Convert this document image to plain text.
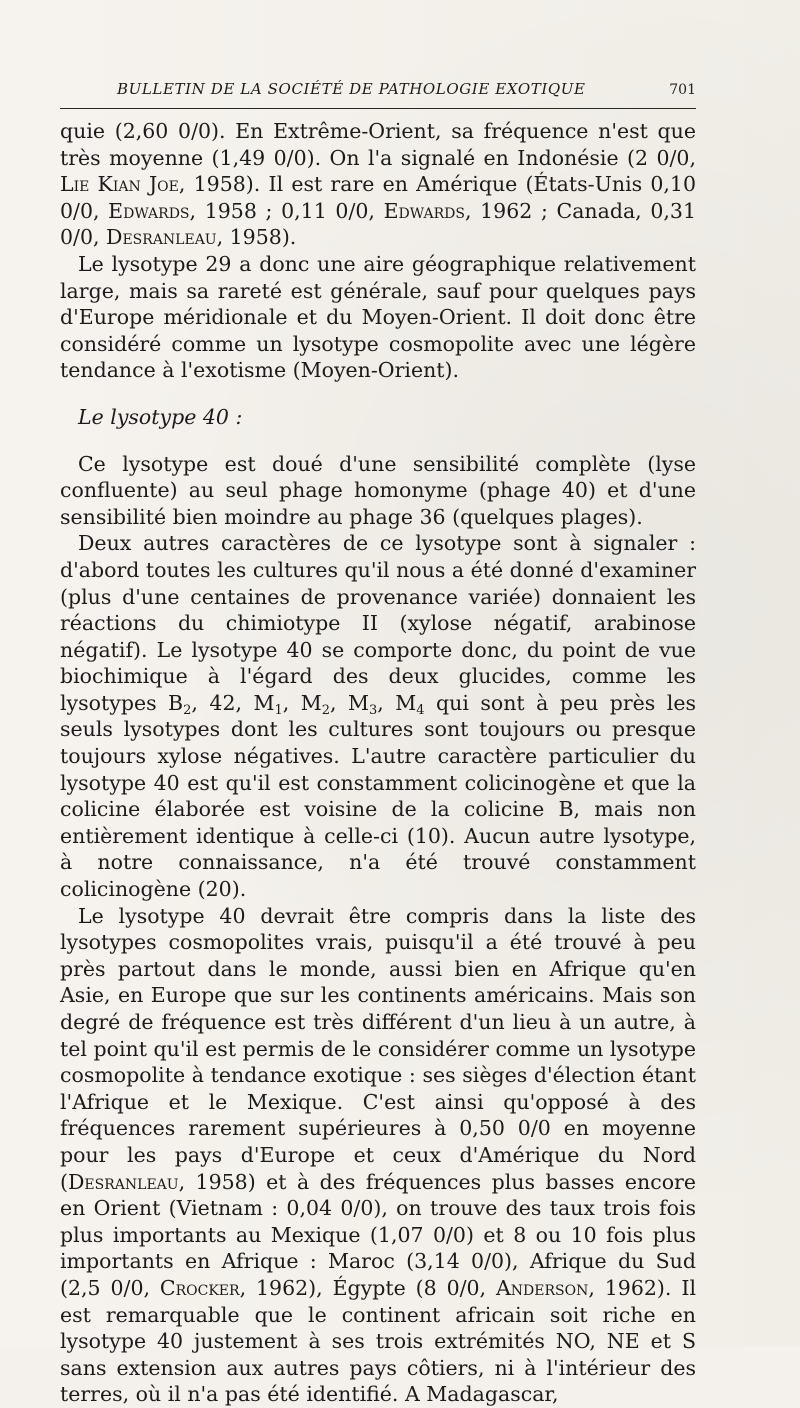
BULLETIN DE LA SOCIÉTÉ DE PATHOLOGIE EXOTIQUE	701

quie (2,60 0/0). En Extrême-Orient, sa fréquence n'est que très moyenne (1,49 0/0). On l'a signalé en Indonésie (2 0/0, Lie Kian Joe, 1958). Il est rare en Amérique (États-Unis 0,10 0/0, Edwards, 1958 ; 0,11 0/0, Edwards, 1962 ; Canada, 0,31 0/0, Desranleau, 1958).

Le lysotype 29 a donc une aire géographique relativement large, mais sa rareté est générale, sauf pour quelques pays d'Europe méridionale et du Moyen-Orient. Il doit donc être considéré comme un lysotype cosmopolite avec une légère tendance à l'exotisme (Moyen-Orient).

Le lysotype 40 :

Ce lysotype est doué d'une sensibilité complète (lyse confluente) au seul phage homonyme (phage 40) et d'une sensibilité bien moindre au phage 36 (quelques plages).

Deux autres caractères de ce lysotype sont à signaler : d'abord toutes les cultures qu'il nous a été donné d'examiner (plus d'une centaines de provenance variée) donnaient les réactions du chimiotype II (xylose négatif, arabinose négatif). Le lysotype 40 se comporte donc, du point de vue biochimique à l'égard des deux glucides, comme les lysotypes $B_2$, 42, $M_1$, $M_2$, $M_3$, $M_4$ qui sont à peu près les seuls lysotypes dont les cultures sont toujours ou presque toujours xylose négatives. L'autre caractère particulier du lysotype 40 est qu'il est constamment colicinogène et que la colicine élaborée est voisine de la colicine B, mais non entièrement identique à celle-ci (10). Aucun autre lysotype, à notre connaissance, n'a été trouvé constamment colicinogène (20).

Le lysotype 40 devrait être compris dans la liste des lysotypes cosmopolites vrais, puisqu'il a été trouvé à peu près partout dans le monde, aussi bien en Afrique qu'en Asie, en Europe que sur les continents américains. Mais son degré de fréquence est très différent d'un lieu à un autre, à tel point qu'il est permis de le considérer comme un lysotype cosmopolite à tendance exotique : ses sièges d'élection étant l'Afrique et le Mexique. C'est ainsi qu'opposé à des fréquences rarement supérieures à 0,50 0/0 en moyenne pour les pays d'Europe et ceux d'Amérique du Nord (Desranleau, 1958) et à des fréquences plus basses encore en Orient (Vietnam : 0,04 0/0), on trouve des taux trois fois plus importants au Mexique (1,07 0/0) et 8 ou 10 fois plus importants en Afrique : Maroc (3,14 0/0), Afrique du Sud (2,5 0/0, Crocker, 1962), Égypte (8 0/0, Anderson, 1962). Il est remarquable que le continent africain soit riche en lysotype 40 justement à ses trois extrémités NO, NE et S sans extension aux autres pays côtiers, ni à l'intérieur des terres, où il n'a pas été identifié. A Madagascar,
